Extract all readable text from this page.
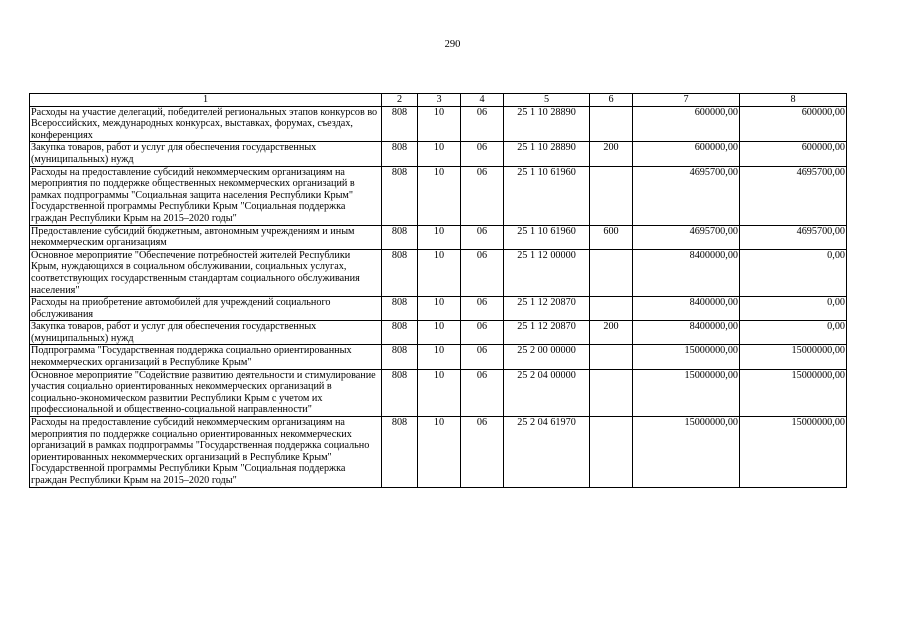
290
1	2	3	4	5	6	7	8
Расходы на участие делегаций, победителей региональных этапов конкурсов во Всероссийских, международных конкурсах, выставках, форумах, съездах, конференциях	808	10	06	25 1 10 28890		600000,00	600000,00
Закупка товаров, работ и услуг для обеспечения государственных (муниципальных) нужд	808	10	06	25 1 10 28890	200	600000,00	600000,00
Расходы на предоставление субсидий некоммерческим организациям на мероприятия по поддержке общественных некоммерческих организаций в рамках подпрограммы "Социальная защита населения Республики Крым" Государственной программы Республики Крым "Социальная поддержка граждан Республики Крым на 2015–2020 годы"	808	10	06	25 1 10 61960		4695700,00	4695700,00
Предоставление субсидий бюджетным, автономным учреждениям и иным некоммерческим организациям	808	10	06	25 1 10 61960	600	4695700,00	4695700,00
Основное мероприятие "Обеспечение потребностей жителей Республики Крым, нуждающихся в социальном обслуживании, социальных услугах, соответствующих государственным стандартам социального обслуживания населения"	808	10	06	25 1 12 00000		8400000,00	0,00
Расходы на приобретение автомобилей для учреждений социального обслуживания	808	10	06	25 1 12 20870		8400000,00	0,00
Закупка товаров, работ и услуг для обеспечения государственных (муниципальных) нужд	808	10	06	25 1 12 20870	200	8400000,00	0,00
Подпрограмма "Государственная поддержка социально ориентированных некоммерческих организаций в Республике Крым"	808	10	06	25 2 00 00000		15000000,00	15000000,00
Основное мероприятие "Содействие развитию деятельности и стимулирование участия социально ориентированных некоммерческих организаций в социально-экономическом развитии Республики Крым с учетом их профессиональной и общественно-социальной направленности"	808	10	06	25 2 04 00000		15000000,00	15000000,00
Расходы на предоставление субсидий некоммерческим организациям на мероприятия по поддержке социально ориентированных некоммерческих организаций в рамках подпрограммы "Государственная поддержка социально ориентированных некоммерческих организаций в Республике Крым" Государственной программы Республики Крым "Социальная поддержка граждан Республики Крым на 2015–2020 годы"	808	10	06	25 2 04 61970		15000000,00	15000000,00
